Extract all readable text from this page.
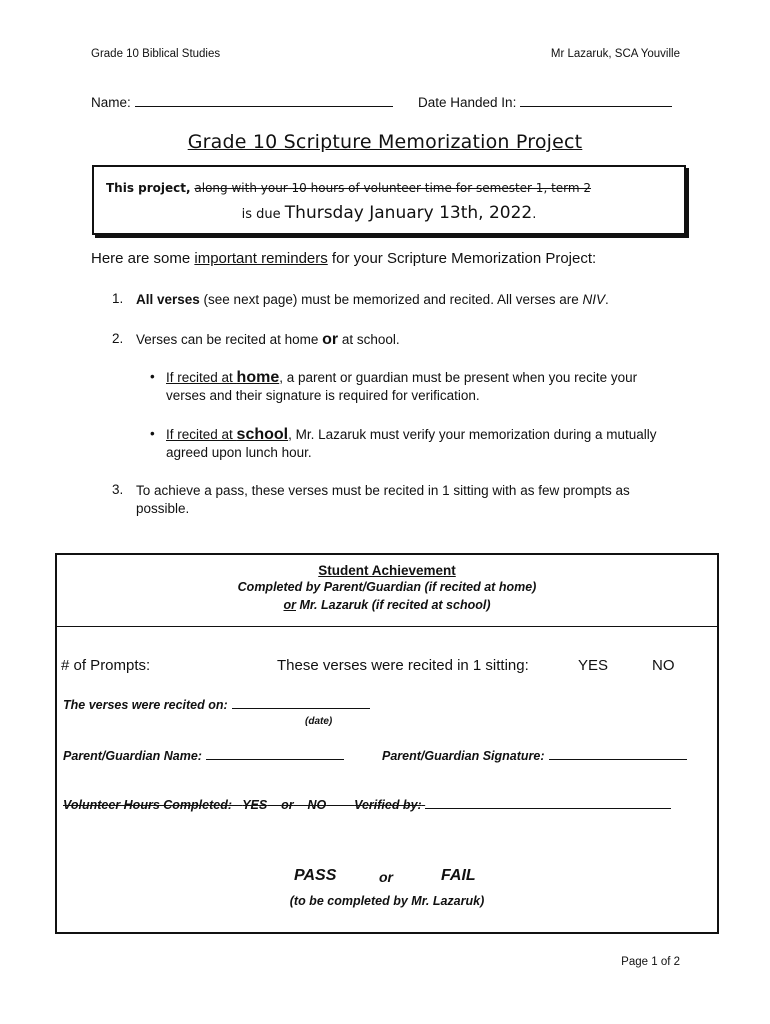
Grade 10 Biblical Studies	Mr Lazaruk, SCA Youville
Name:	Date Handed In:
Grade 10 Scripture Memorization Project
This project, along with your 10 hours of volunteer time for semester 1, term 2
is due Thursday January 13th, 2022.
Here are some important reminders for your Scripture Memorization Project:
1. All verses (see next page) must be memorized and recited. All verses are NIV.
2. Verses can be recited at home or at school.
• If recited at home, a parent or guardian must be present when you recite your verses and their signature is required for verification.
• If recited at school, Mr. Lazaruk must verify your memorization during a mutually agreed upon lunch hour.
3. To achieve a pass, these verses must be recited in 1 sitting with as few prompts as possible.
Student Achievement
Completed by Parent/Guardian (if recited at home)
or Mr. Lazaruk (if recited at school)
# of Prompts:	These verses were recited in 1 sitting:	YES	NO
The verses were recited on:
(date)
Parent/Guardian Name:	Parent/Guardian Signature:
Volunteer Hours Completed: YES or NO Verified by:
PASS	or	FAIL
(to be completed by Mr. Lazaruk)
Page 1 of 2
